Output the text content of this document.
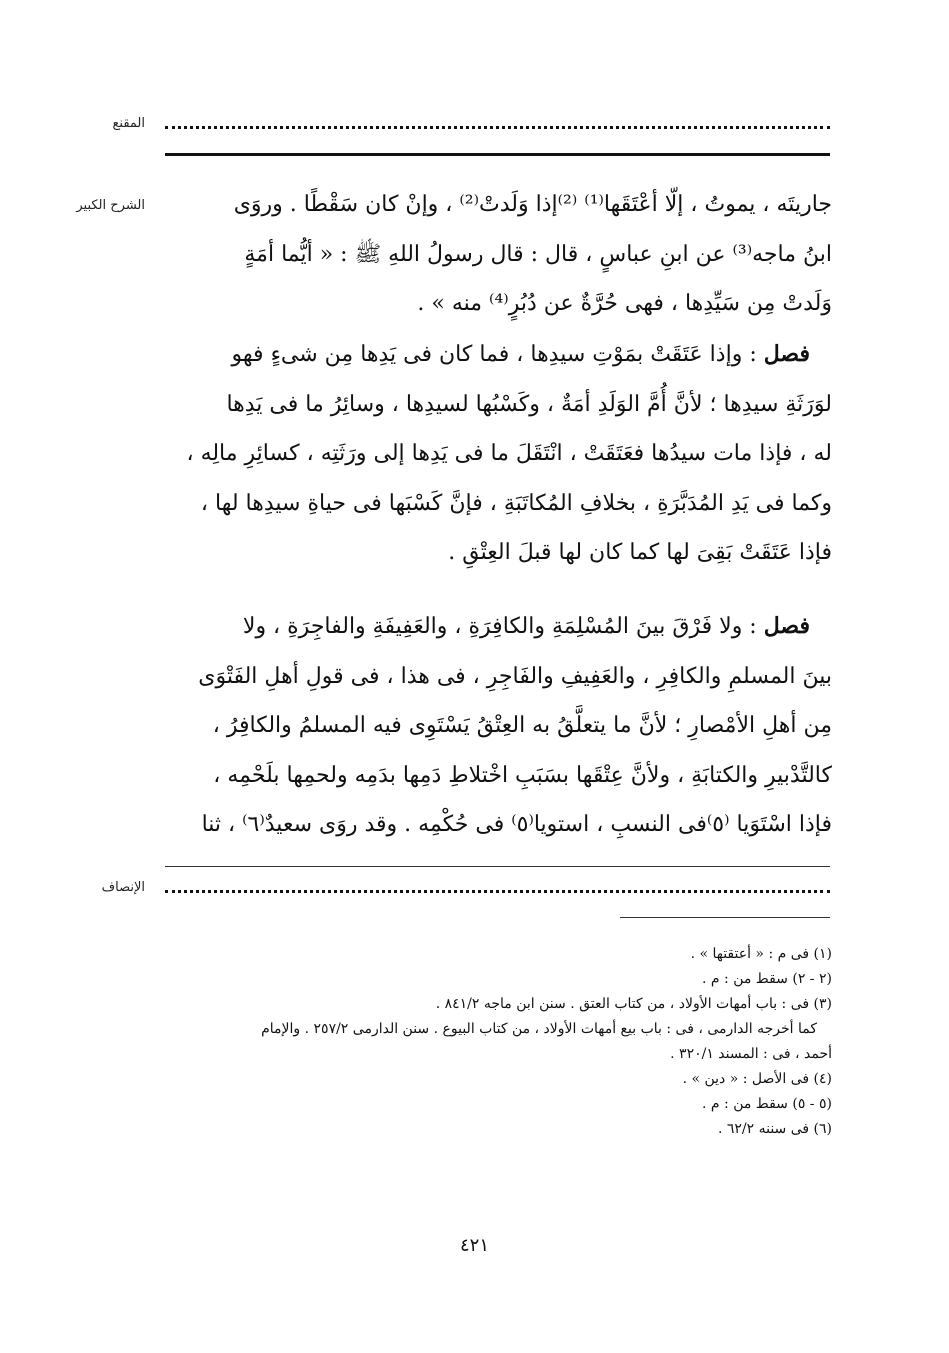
المقنع
الشرح الكبير	جاريتَه ، يموتُ ، إلّا أعْتَقَها⁽¹⁾ ⁽²⁾إذا وَلَدتْ⁽²⁾ ، وإنْ كان سَقْطًا . وروَى

ابنُ ماجه⁽³⁾ عن ابنِ عباسٍ ، قال : قال رسولُ اللهِ ﷺ : « أيُّما أمَةٍ

وَلَدتْ مِن سَيِّدِها ، فهى حُرَّةٌ عن دُبُرٍ⁽⁴⁾ منه » .

فصل : وإذا عَتَقَتْ بمَوْتِ سيدِها ، فما كان فى يَدِها مِن شىءٍ فهو

لوَرَثَةِ سيدِها ؛ لأنَّ أُمَّ الوَلَدِ أمَةٌ ، وكَسْبُها لسيدِها ، وسائِرُ ما فى يَدِها

له ، فإذا مات سيدُها فعَتَقَتْ ، انْتَقَلَ ما فى يَدِها إلى ورَثَتِه ، كسائِرِ مالِه ،

وكما فى يَدِ المُدَبَّرَةِ ، بخلافِ المُكاتَبَةِ ، فإنَّ كَسْبَها فى حياةِ سيدِها لها ،

فإذا عَتَقَتْ بَقِىَ لها كما كان لها قبلَ العِتْقِ .

فصل : ولا فَرْقَ بينَ المُسْلِمَةِ والكافِرَةِ ، والعَفِيفَةِ والفاجِرَةِ ، ولا

بينَ المسلمِ والكافِرِ ، والعَفِيفِ والفَاجِرِ ، فى هذا ، فى قولِ أهلِ الفَتْوَى

مِن أهلِ الأمْصارِ ؛ لأنَّ ما يتعلَّقُ به العِتْقُ يَسْتَوِى فيه المسلمُ والكافِرُ ،

كالتَّدْبيرِ والكتابَةِ ، ولأنَّ عِتْقَها بسَبَبِ اخْتلاطِ دَمِها بدَمِه ولحمِها بلَحْمِه ،

فإذا اسْتَوَيا ⁽٥⁾فى النسبِ ، استويا⁽٥⁾ فى حُكْمِه . وقد روَى سعيدٌ⁽٦⁾ ، ثنا

الإنصاف
(١) فى م : « أعتقتها » .
(٢ - ٢) سقط من : م .
(٣) فى : باب أمهات الأولاد ، من كتاب العتق . سنن ابن ماجه ٨٤١/٢ .
كما أخرجه الدارمى ، فى : باب بيع أمهات الأولاد ، من كتاب البيوع . سنن الدارمى ٢٥٧/٢ . والإمام
أحمد ، فى : المسند ٣٢٠/١ .
(٤) فى الأصل : « دين » .
(٥ - ٥) سقط من : م .
(٦) فى سننه ٦٢/٢ .
٤٢١
